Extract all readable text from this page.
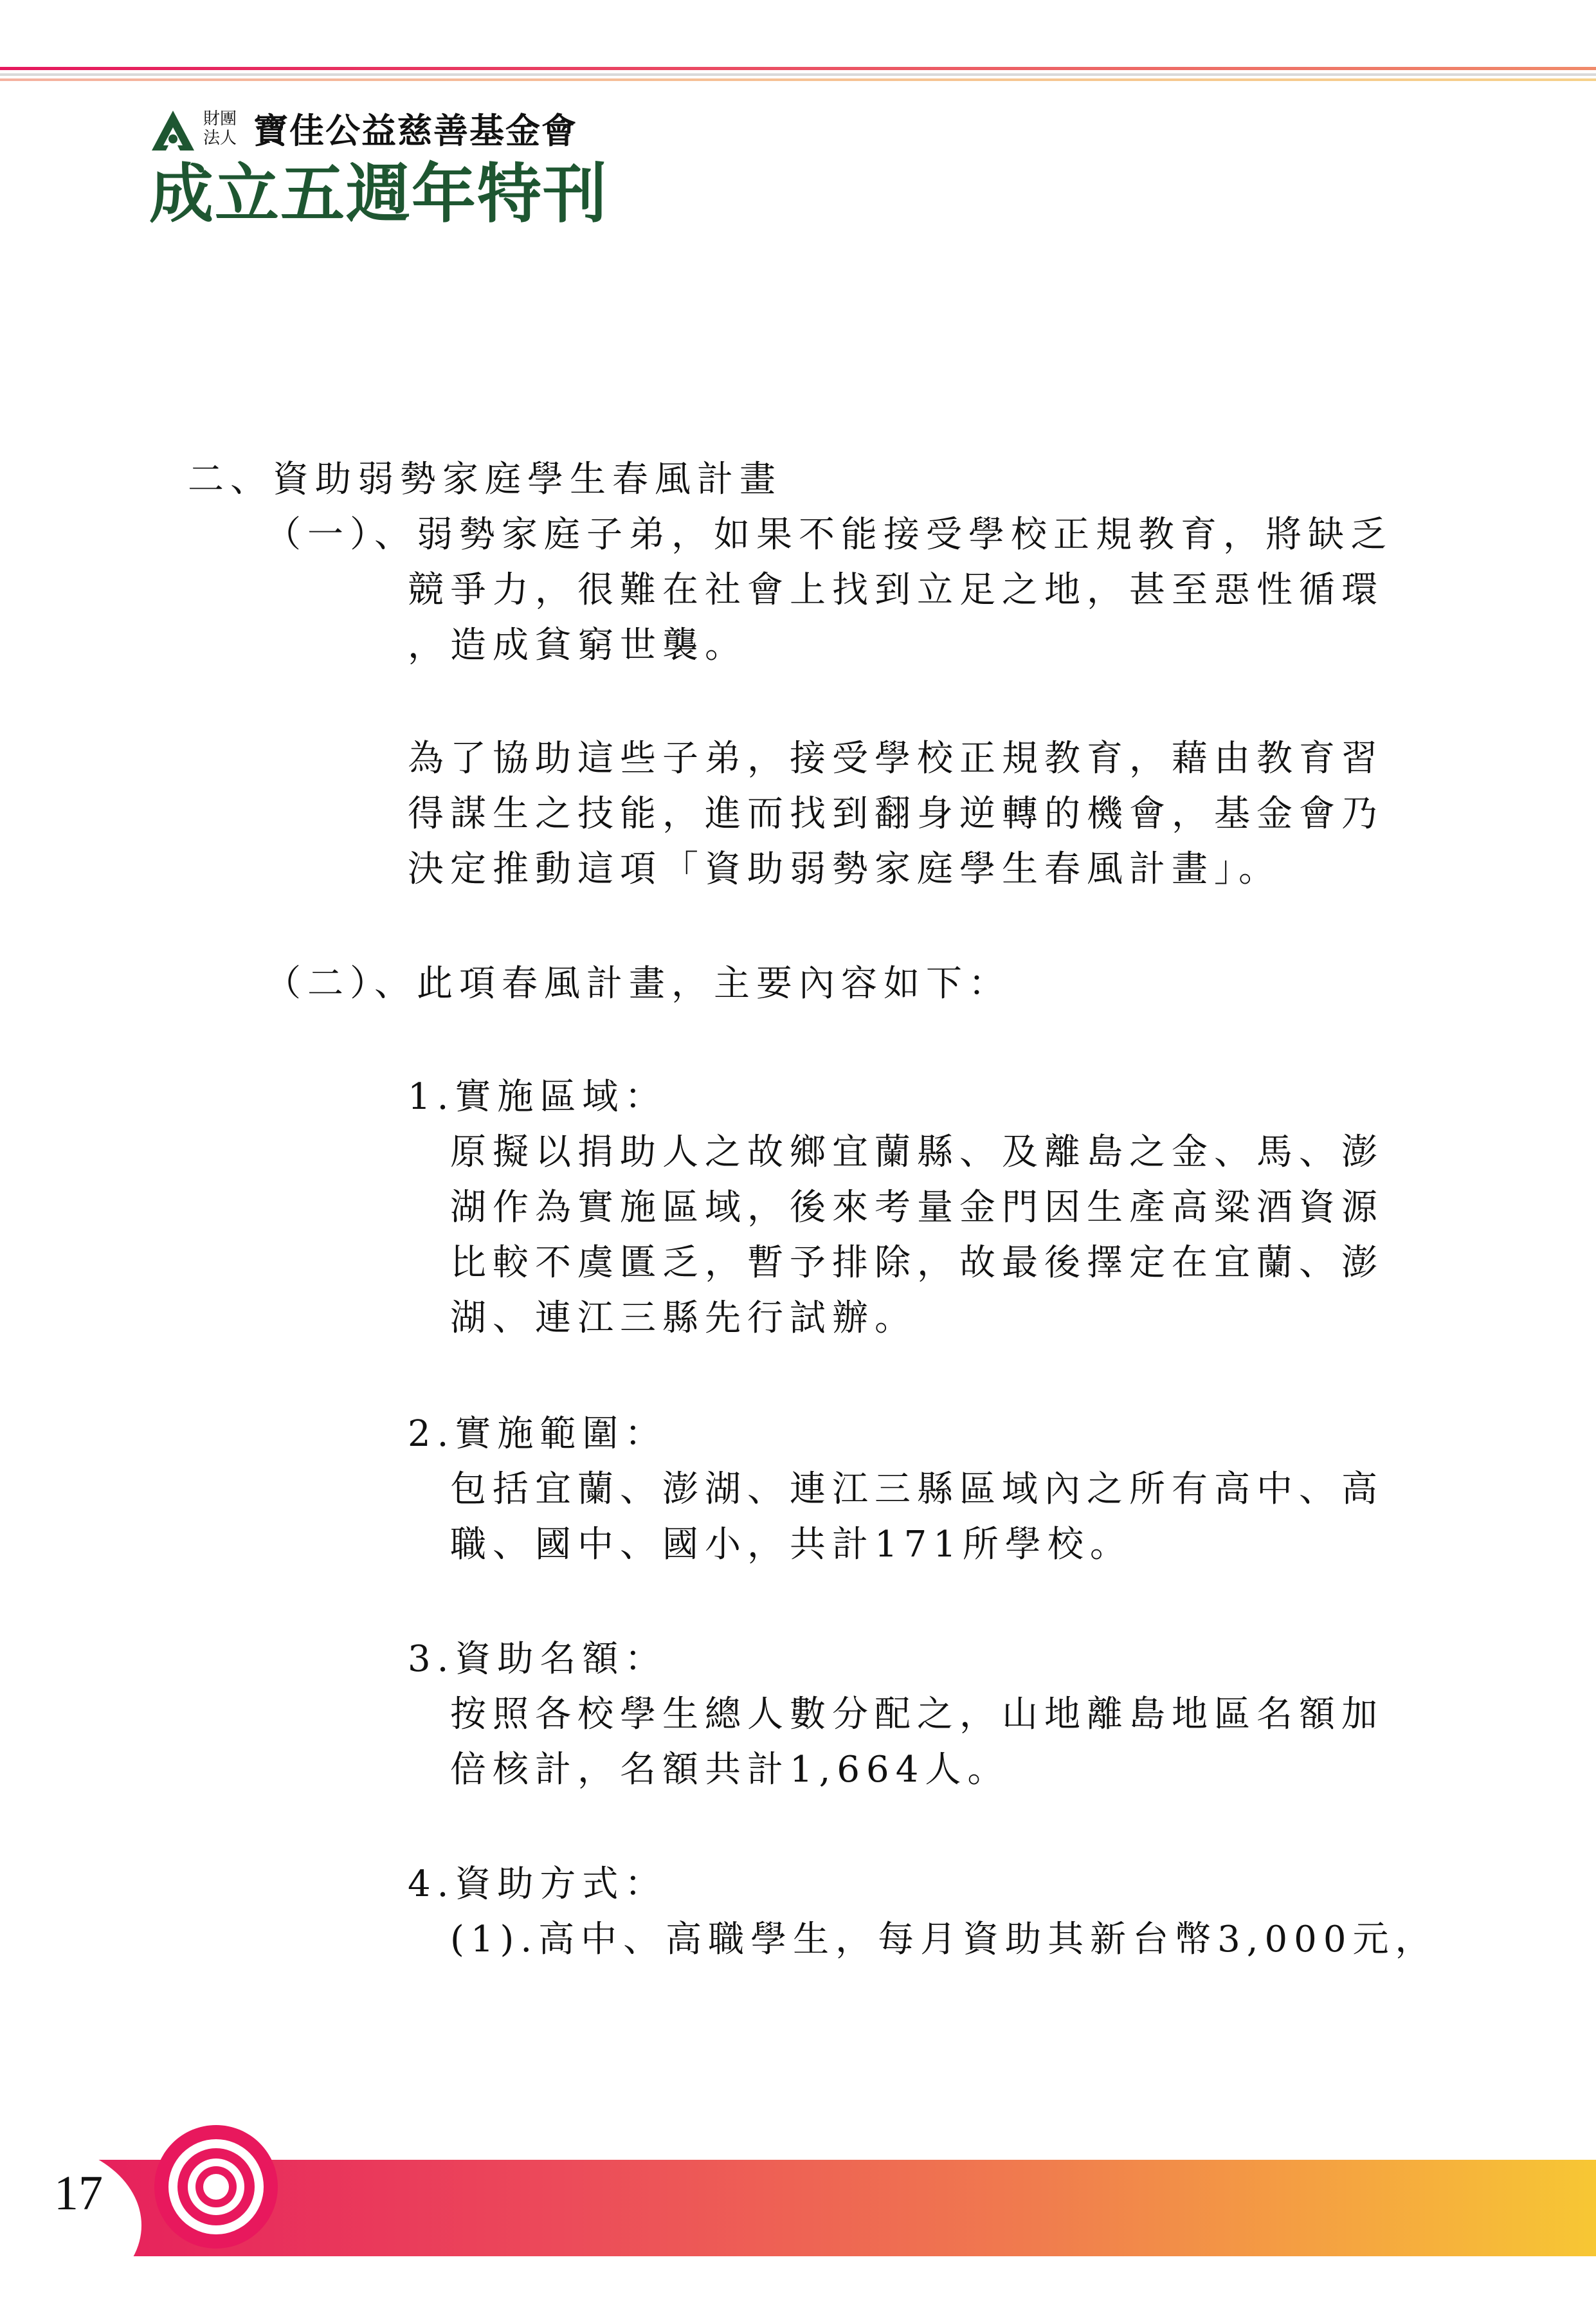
財團
法人 寶佳公益慈善基金會
成立五週年特刊
二、資助弱勢家庭學生春風計畫
（一）、弱勢家庭子弟，如果不能接受學校正規教育，將缺乏
競爭力，很難在社會上找到立足之地，甚至惡性循環
，造成貧窮世襲。
為了協助這些子弟，接受學校正規教育，藉由教育習
得謀生之技能，進而找到翻身逆轉的機會，基金會乃
決定推動這項「資助弱勢家庭學生春風計畫」。
（二）、此項春風計畫，主要內容如下：
1.實施區域：
原擬以捐助人之故鄉宜蘭縣、及離島之金、馬、澎
湖作為實施區域，後來考量金門因生產高粱酒資源
比較不虞匱乏，暫予排除，故最後擇定在宜蘭、澎
湖、連江三縣先行試辦。
2.實施範圍：
包括宜蘭、澎湖、連江三縣區域內之所有高中、高
職、國中、國小，共計171所學校。
3.資助名額：
按照各校學生總人數分配之，山地離島地區名額加
倍核計，名額共計1,664人。
4.資助方式：
(1).高中、高職學生，每月資助其新台幣3,000元，
17
